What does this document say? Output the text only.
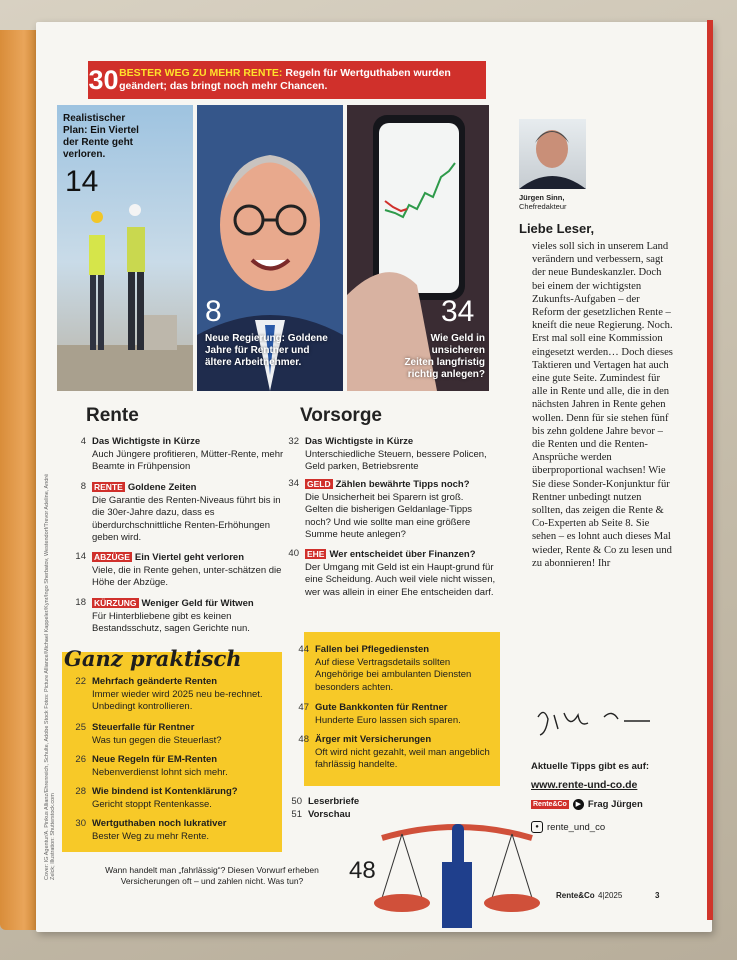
30 BESTER WEG ZU MEHR RENTE: Regeln für Wertguthaben wurden geändert; das bringt noch mehr Chancen.
Realistischer Plan: Ein Viertel der Rente geht verloren.
14
8
Neue Regierung: Goldene Jahre für Rentner und ältere Arbeitnehmer.
34
Wie Geld in unsicheren Zeiten langfristig richtig anlegen?
Rente
4 Das Wichtigste in Kürze
Auch Jüngere profitieren, Mütter-Rente, mehr Beamte in Frühpension
8 RENTE Goldene Zeiten
Die Garantie des Renten-Niveaus führt bis in die 30er-Jahre dazu, dass es überdurchschnittliche Renten-Erhöhungen geben wird.
14 ABZÜGE Ein Viertel geht verloren
Viele, die in Rente gehen, unter-schätzen die Höhe der Abzüge.
18 KÜRZUNG Weniger Geld für Witwen
Für Hinterbliebene gibt es keinen Bestandsschutz, sagen Gerichte nun.
Vorsorge
32 Das Wichtigste in Kürze
Unterschiedliche Steuern, bessere Policen, Geld parken, Betriebsrente
34 GELD Zählen bewährte Tipps noch?
Die Unsicherheit bei Sparern ist groß. Gelten die bisherigen Geldanlage-Tipps noch? Und wie sollte man eine größere Summe heute anlegen?
40 EHE Wer entscheidet über Finanzen?
Der Umgang mit Geld ist ein Haupt-grund für eine Scheidung. Auch weil viele nicht wissen, wer was allein in einer Ehe entscheiden darf.
Ganz praktisch
22 Mehrfach geänderte Renten
Immer wieder wird 2025 neu be-rechnet. Unbedingt kontrollieren.
25 Steuerfalle für Rentner
Was tun gegen die Steuerlast?
26 Neue Regeln für EM-Renten
Nebenverdienst lohnt sich mehr.
28 Wie bindend ist Kontenklärung?
Gericht stoppt Rentenkasse.
30 Wertguthaben noch lukrativer
Bester Weg zu mehr Rente.
44 Fallen bei Pflegediensten
Auf diese Vertragsdetails sollten Angehörige bei ambulanten Diensten besonders achten.
47 Gute Bankkonten für Rentner
Hunderte Euro lassen sich sparen.
48 Ärger mit Versicherungen
Oft wird nicht gezahlt, weil man angeblich fahrlässig handelte.
50 Leserbriefe
51 Vorschau
Wann handelt man „fahrlässig“? Diesen Vorwurf erheben Versicherungen oft – und zahlen nicht. Was tun?	48
Jürgen Sinn,
Chefredakteur
Liebe Leser,
vieles soll sich in unserem Land verändern und verbessern, sagt der neue Bundeskanzler. Doch bei einem der wichtigsten Zukunfts-Aufgaben – der Reform der gesetzlichen Rente – kneift die neue Regierung. Noch. Erst mal soll eine Kommission eingesetzt werden… Doch dieses Taktieren und Vertagen hat auch eine gute Seite. Zumindest für alle in Rente und alle, die in den nächsten Jahren in Rente gehen wollen. Denn für sie stehen fünf bis zehn goldene Jahre bevor – die Renten und die Renten-Ansprüche werden überproportional wachsen! Wie Sie diese Sonder-Konjunktur für Rentner unbedingt nutzen sollten, das zeigen die Rente & Co-Experten ab Seite 8. Sie sehen – es lohnt auch dieses Mal wieder, Rente & Co zu lesen und zu abonnieren! Ihr
Aktuelle Tipps gibt es auf:
www.rente-und-co.de
Rente&Co	▶ Frag Jürgen
● rente_und_co
Rente&Co 4|2025	3
Cover: IG Agentur/A. Pinkus Allianz/Ehrenreich, Schulte, Adobe Stock Fotos: Picture Alliance/Michael Kappeler/Kynr/Ingo Sherbatov, Westendorf/Trevor Adeline, André Zelck; Illustration: Shutterstock.com
